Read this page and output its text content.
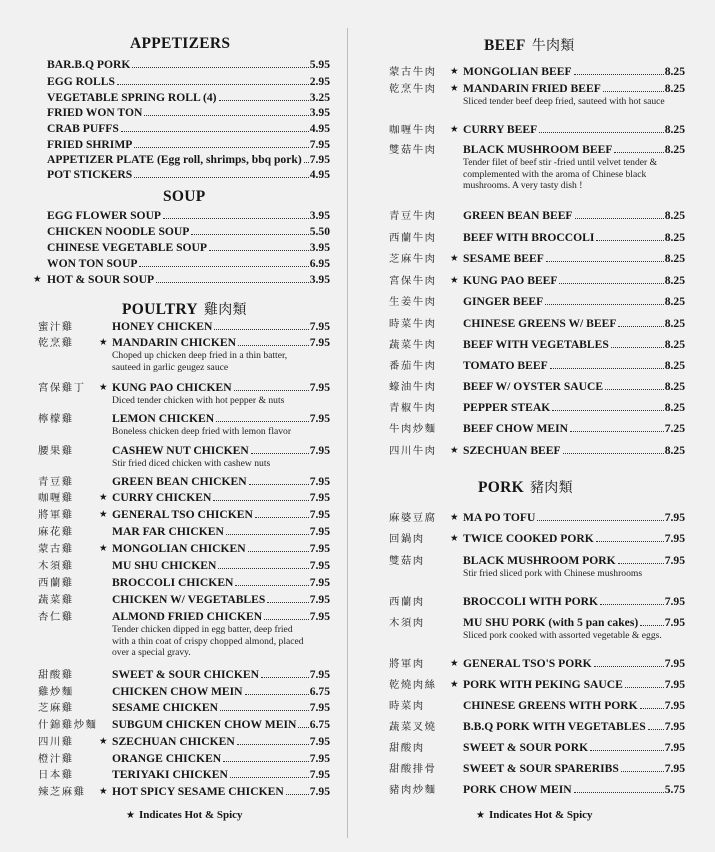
APPETIZERS
SOUP
POULTRY 雞肉類
★ Indicates Hot & Spicy
BAR.B.Q PORK	5.95
EGG ROLLS	2.95
VEGETABLE SPRING ROLL (4)	3.25
FRIED WON TON	3.95
CRAB PUFFS	4.95
FRIED SHRIMP	7.95
APPETIZER PLATE (Egg roll, shrimps, bbq pork) 7.95
POT STICKERS	4.95
EGG FLOWER SOUP	3.95
CHICKEN NOODLE SOUP	5.50
CHINESE VEGETABLE SOUP	3.95
WON TON SOUP	6.95
★ HOT & SOUR SOUP	3.95
蜜汁雞	HONEY CHICKEN	7.95
乾烹雞	★ MANDARIN CHICKEN	7.95
Choped up chicken deep fried in a thin batter, sauteed in garlic geugez sauce
宮保雞丁 ★ KUNG PAO CHICKEN	7.95
Diced tender chicken with hot pepper & nuts
檸檬雞	LEMON CHICKEN	7.95
Boneless chicken deep fried with lemon flavor
腰果雞	CASHEW NUT CHICKEN	7.95
Stir fried diced chicken with cashew nuts
青豆雞	GREEN BEAN CHICKEN	7.95
咖喱雞	★ CURRY CHICKEN	7.95
將軍雞	★ GENERAL TSO CHICKEN	7.95
麻花雞	MAR FAR CHICKEN	7.95
蒙古雞	★ MONGOLIAN CHICKEN	7.95
木須雞	MU SHU CHICKEN	7.95
西蘭雞	BROCCOLI CHICKEN	7.95
蔬菜雞	CHICKEN W/ VEGETABLES	7.95
杏仁雞	ALMOND FRIED CHICKEN	7.95
Tender chicken dipped in egg batter, deep fried with a thin coat of crispy chopped almond, placed over a special gravy.
甜酸雞	SWEET & SOUR CHICKEN	7.95
雞炒麵	CHICKEN CHOW MEIN	6.75
芝麻雞	SESAME CHICKEN	7.95
什錦雞炒麵 SUBGUM CHICKEN CHOW MEIN 6.75
四川雞	★ SZECHUAN CHICKEN	7.95
橙汁雞	ORANGE CHICKEN	7.95
日本雞	TERIYAKI CHICKEN	7.95
辣芝麻雞 ★ HOT SPICY SESAME CHICKEN 7.95
BEEF 牛肉類
PORK 豬肉類
★ Indicates Hot & Spicy
蒙古牛肉 ★ MONGOLIAN BEEF	8.25
乾烹牛肉 ★ MANDARIN FRIED BEEF	8.25
Sliced tender beef deep fried, sauteed with hot sauce
咖喱牛肉 ★ CURRY BEEF	8.25
雙菇牛肉 BLACK MUSHROOM BEEF	8.25
Tender filet of beef stir -fried until velvet tender & complemented with the aroma of Chinese black mushrooms. A very tasty dish !
青豆牛肉 GREEN BEAN BEEF	8.25
西蘭牛肉 BEEF WITH BROCCOLI	8.25
芝麻牛肉 ★ SESAME BEEF	8.25
宮保牛肉 ★ KUNG PAO BEEF	8.25
生姜牛肉 GINGER BEEF	8.25
時菜牛肉 CHINESE GREENS W/ BEEF	8.25
蔬菜牛肉 BEEF WITH VEGETABLES	8.25
番茄牛肉 TOMATO BEEF	8.25
蠔油牛肉 BEEF W/ OYSTER SAUCE	8.25
青椒牛肉 PEPPER STEAK	8.25
牛肉炒麵 BEEF CHOW MEIN	7.25
四川牛肉 ★ SZECHUAN BEEF	8.25
麻婆豆腐 ★ MA PO TOFU	7.95
回鍋肉	★ TWICE COOKED PORK	7.95
雙菇肉	BLACK MUSHROOM PORK	7.95
Stir fried sliced pork with Chinese mushrooms
西蘭肉	BROCCOLI WITH PORK	7.95
木須肉	MU SHU PORK (with 5 pan cakes) 7.95
Sliced pork cooked with assorted vegetable & eggs.
將軍肉	★ GENERAL TSO'S PORK	7.95
乾燒肉絲 ★ PORK WITH PEKING SAUCE	7.95
時菜肉	CHINESE GREENS WITH PORK 7.95
蔬菜叉燒 B.B.Q PORK WITH VEGETABLES 7.95
甜酸肉	SWEET & SOUR PORK	7.95
甜酸排骨 SWEET & SOUR SPARERIBS	7.95
豬肉炒麵 PORK CHOW MEIN	5.75
